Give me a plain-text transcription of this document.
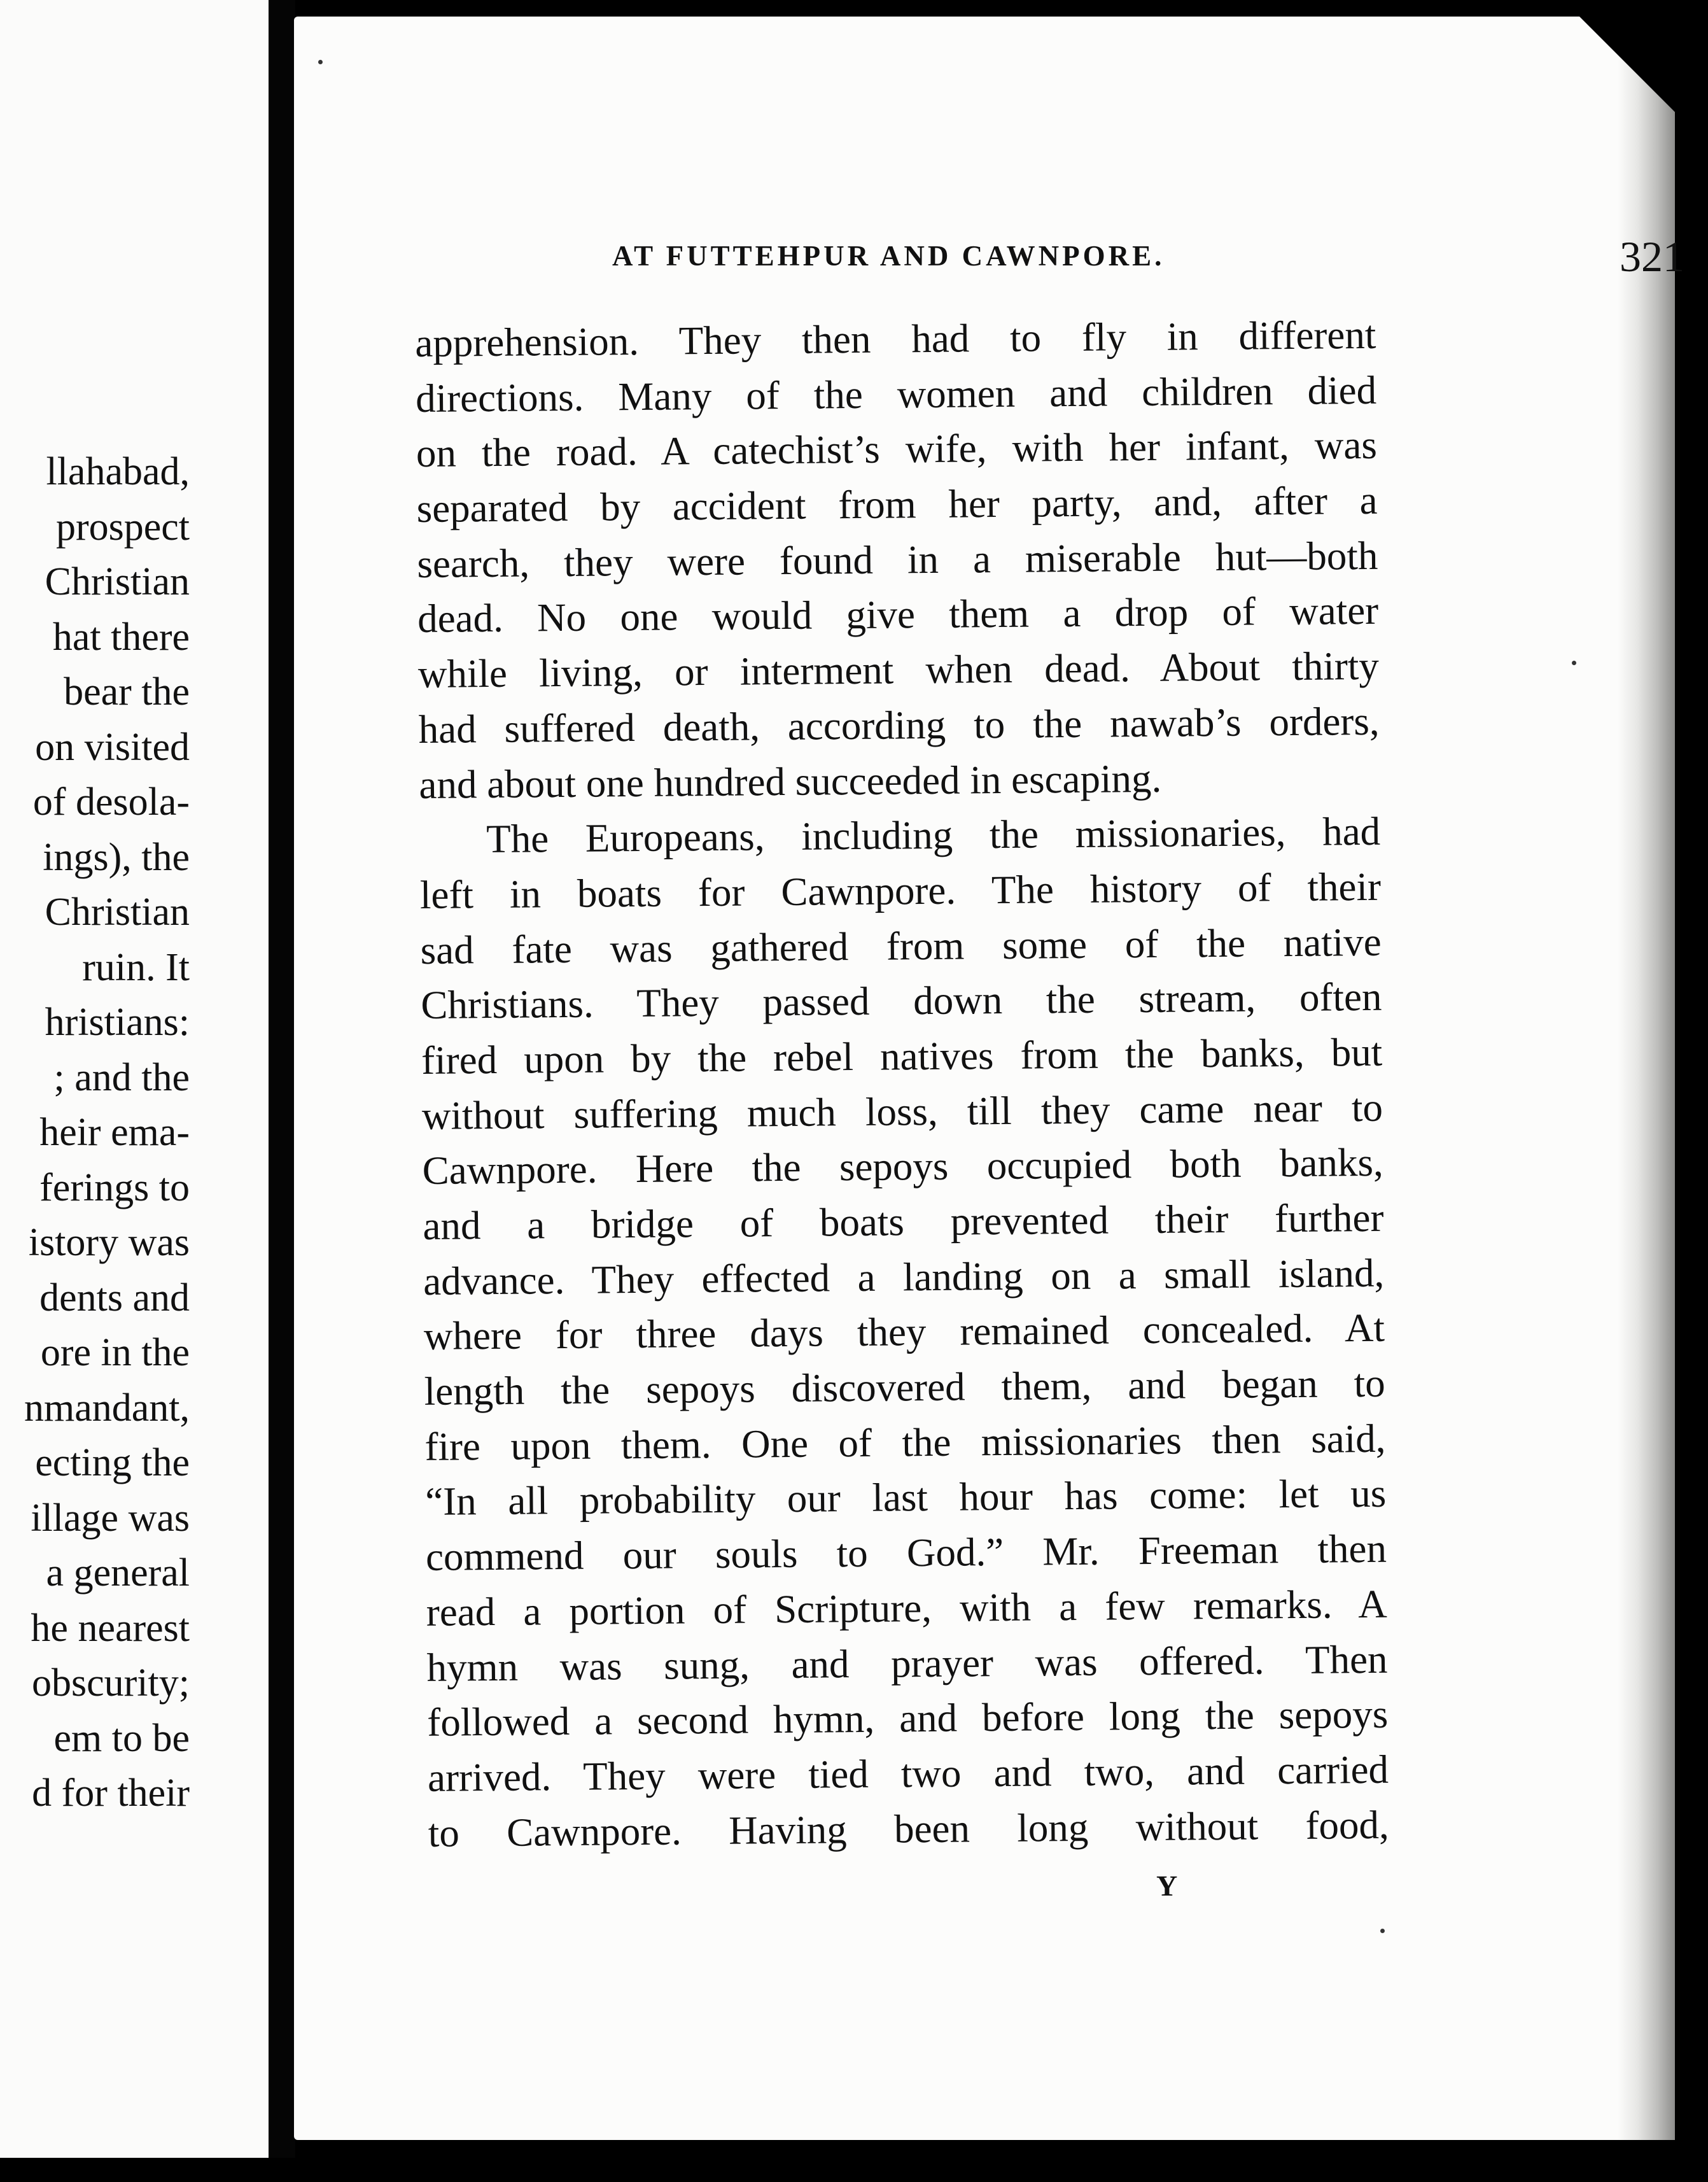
llahabad,
prospect
Christian
hat there
bear the
on visited
of desola-
ings), the
Christian
ruin. It
hristians:
; and the
heir ema-
ferings to
istory was
dents and
ore in the
nmandant,
ecting the
illage was
a general
he nearest
obscurity;
em to be
d for their
AT FUTTEHPUR AND CAWNPORE.	321
apprehension. They then had to fly in different
directions. Many of the women and children died
on the road. A catechist’s wife, with her infant, was
separated by accident from her party, and, after a
search, they were found in a miserable hut—both
dead. No one would give them a drop of water
while living, or interment when dead. About thirty
had suffered death, according to the nawab’s orders,
and about one hundred succeeded in escaping.
The Europeans, including the missionaries, had
left in boats for Cawnpore. The history of their
sad fate was gathered from some of the native
Christians. They passed down the stream, often
fired upon by the rebel natives from the banks, but
without suffering much loss, till they came near to
Cawnpore. Here the sepoys occupied both banks,
and a bridge of boats prevented their further
advance. They effected a landing on a small island,
where for three days they remained concealed. At
length the sepoys discovered them, and began to
fire upon them. One of the missionaries then said,
“In all probability our last hour has come: let us
commend our souls to God.” Mr. Freeman then
read a portion of Scripture, with a few remarks. A
hymn was sung, and prayer was offered. Then
followed a second hymn, and before long the sepoys
arrived. They were tied two and two, and carried
to Cawnpore. Having been long without food,
Y
